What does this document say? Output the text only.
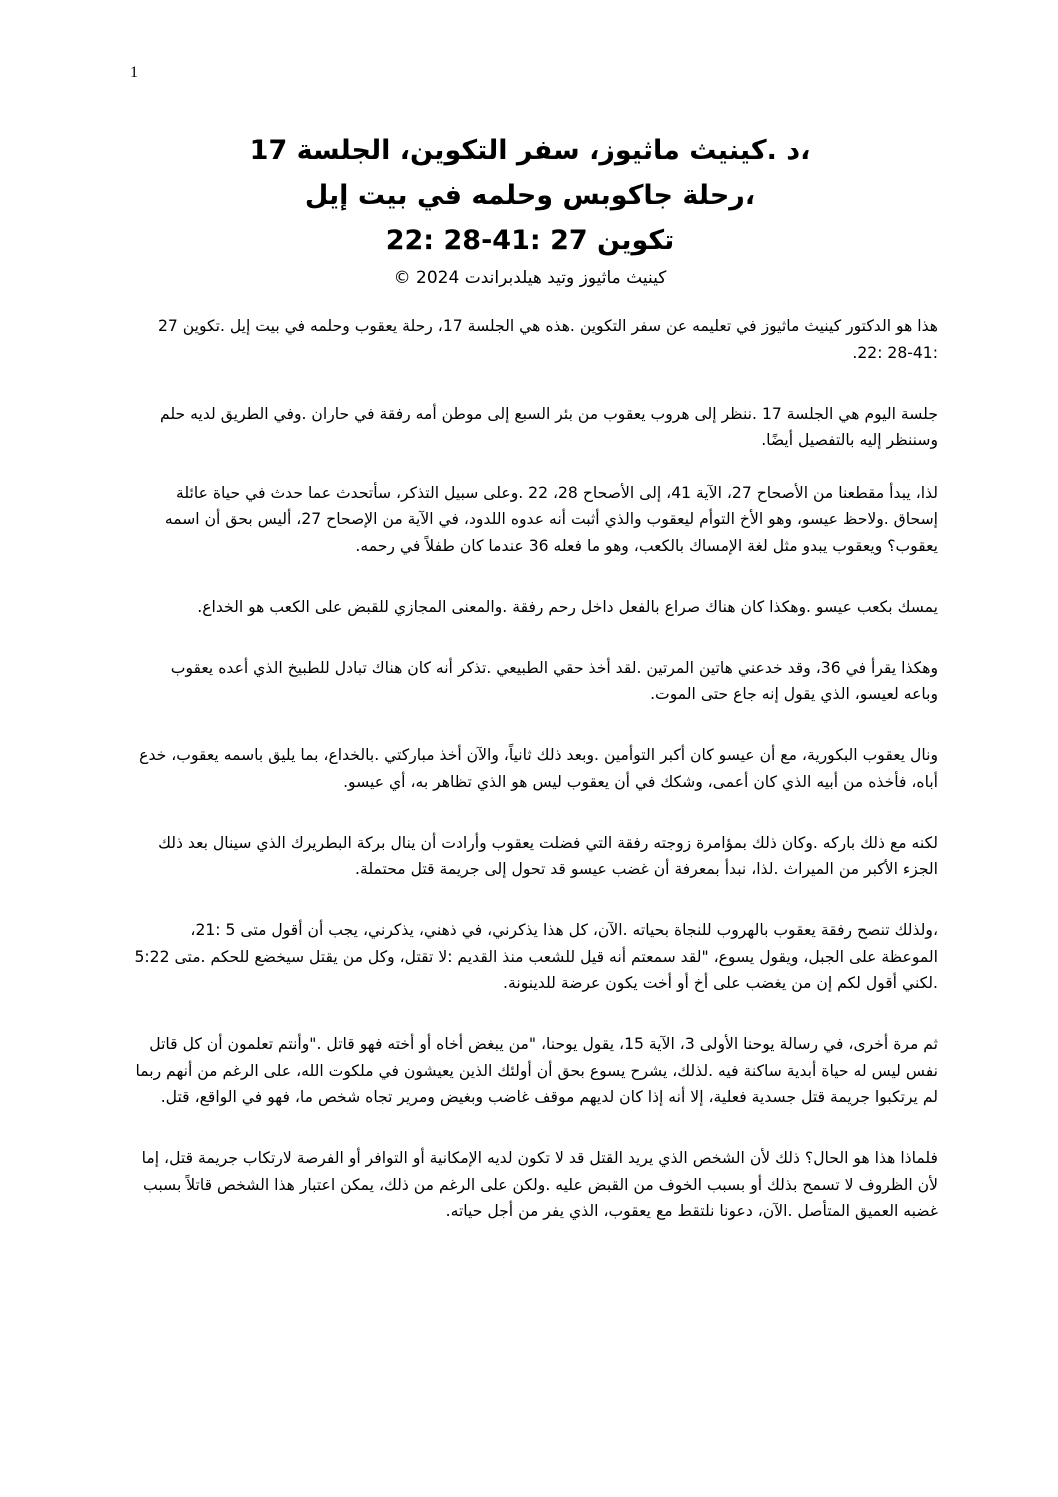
1
،د .كينيث ماثيوز، سفر التكوين، الجلسة 17
،رحلة جاكوبس وحلمه في بيت إيل
تكوين 27 :41-28 :22
كينيث ماثيوز وتيد هيلدبراندت 2024 ©

هذا هو الدكتور كينيث ماثيوز في تعليمه عن سفر التكوين .هذه هي الجلسة 17، رحلة يعقوب وحلمه في بيت إيل .تكوين 27 :41-28 :22.

جلسة اليوم هي الجلسة 17 .ننظر إلى هروب يعقوب من بئر السبع إلى موطن أمه رفقة في حاران .وفي الطريق لديه حلم وسننظر إليه بالتفصيل أيضًا.

لذا، يبدأ مقطعنا من الأصحاح 27، الآية 41، إلى الأصحاح 28، 22 .وعلى سبيل التذكر، سأتحدث عما حدث في حياة عائلة إسحاق .ولاحظ عيسو، وهو الأخ التوأم ليعقوب والذي أثبت أنه عدوه اللدود، في الآية من الإصحاح 27، أليس بحق أن اسمه يعقوب؟ ويعقوب يبدو مثل لغة الإمساك بالكعب، وهو ما فعله 36 عندما كان طفلاً في رحمه.

يمسك بكعب عيسو .وهكذا كان هناك صراع بالفعل داخل رحم رفقة .والمعنى المجازي للقبض على الكعب هو الخداع.

وهكذا يقرأ في 36، وقد خدعني هاتين المرتين .لقد أخذ حقي الطبيعي .تذكر أنه كان هناك تبادل للطبيخ الذي أعده يعقوب وباعه لعيسو، الذي يقول إنه جاع حتى الموت.

ونال يعقوب البكورية، مع أن عيسو كان أكبر التوأمين .وبعد ذلك ثانياً، والآن أخذ مباركتي .بالخداع، بما يليق باسمه يعقوب، خدع أباه، فأخذه من أبيه الذي كان أعمى، وشكك في أن يعقوب ليس هو الذي تظاهر به، أي عيسو.

لكنه مع ذلك باركه .وكان ذلك بمؤامرة زوجته رفقة التي فضلت يعقوب وأرادت أن ينال بركة البطريرك الذي سينال بعد ذلك الجزء الأكبر من الميراث .لذا، نبدأ بمعرفة أن غضب عيسو قد تحول إلى جريمة قتل محتملة.

،ولذلك تنصح رفقة يعقوب بالهروب للنجاة بحياته .الآن، كل هذا يذكرني، في ذهني، يذكرني، يجب أن أقول متى 5 :21، الموعظة على الجبل، ويقول يسوع، "لقد سمعتم أنه قيل للشعب منذ القديم :لا تقتل، وكل من يقتل سيخضع للحكم .متى 5:22 .لكني أقول لكم إن من يغضب على أخ أو أخت يكون عرضة للدينونة.

ثم مرة أخرى، في رسالة يوحنا الأولى 3، الآية 15، يقول يوحنا، "من يبغض أخاه أو أخته فهو قاتل ."وأنتم تعلمون أن كل قاتل نفس ليس له حياة أبدية ساكنة فيه .لذلك، يشرح يسوع بحق أن أولئك الذين يعيشون في ملكوت الله، على الرغم من أنهم ربما لم يرتكبوا جريمة قتل جسدية فعلية، إلا أنه إذا كان لديهم موقف غاضب وبغيض ومرير تجاه شخص ما، فهو في الواقع، قتل.

فلماذا هذا هو الحال؟ ذلك لأن الشخص الذي يريد القتل قد لا تكون لديه الإمكانية أو التوافر أو الفرصة لارتكاب جريمة قتل، إما لأن الظروف لا تسمح بذلك أو بسبب الخوف من القبض عليه .ولكن على الرغم من ذلك، يمكن اعتبار هذا الشخص قاتلاً بسبب غضبه العميق المتأصل .الآن، دعونا نلتقط مع يعقوب، الذي يفر من أجل حياته.
